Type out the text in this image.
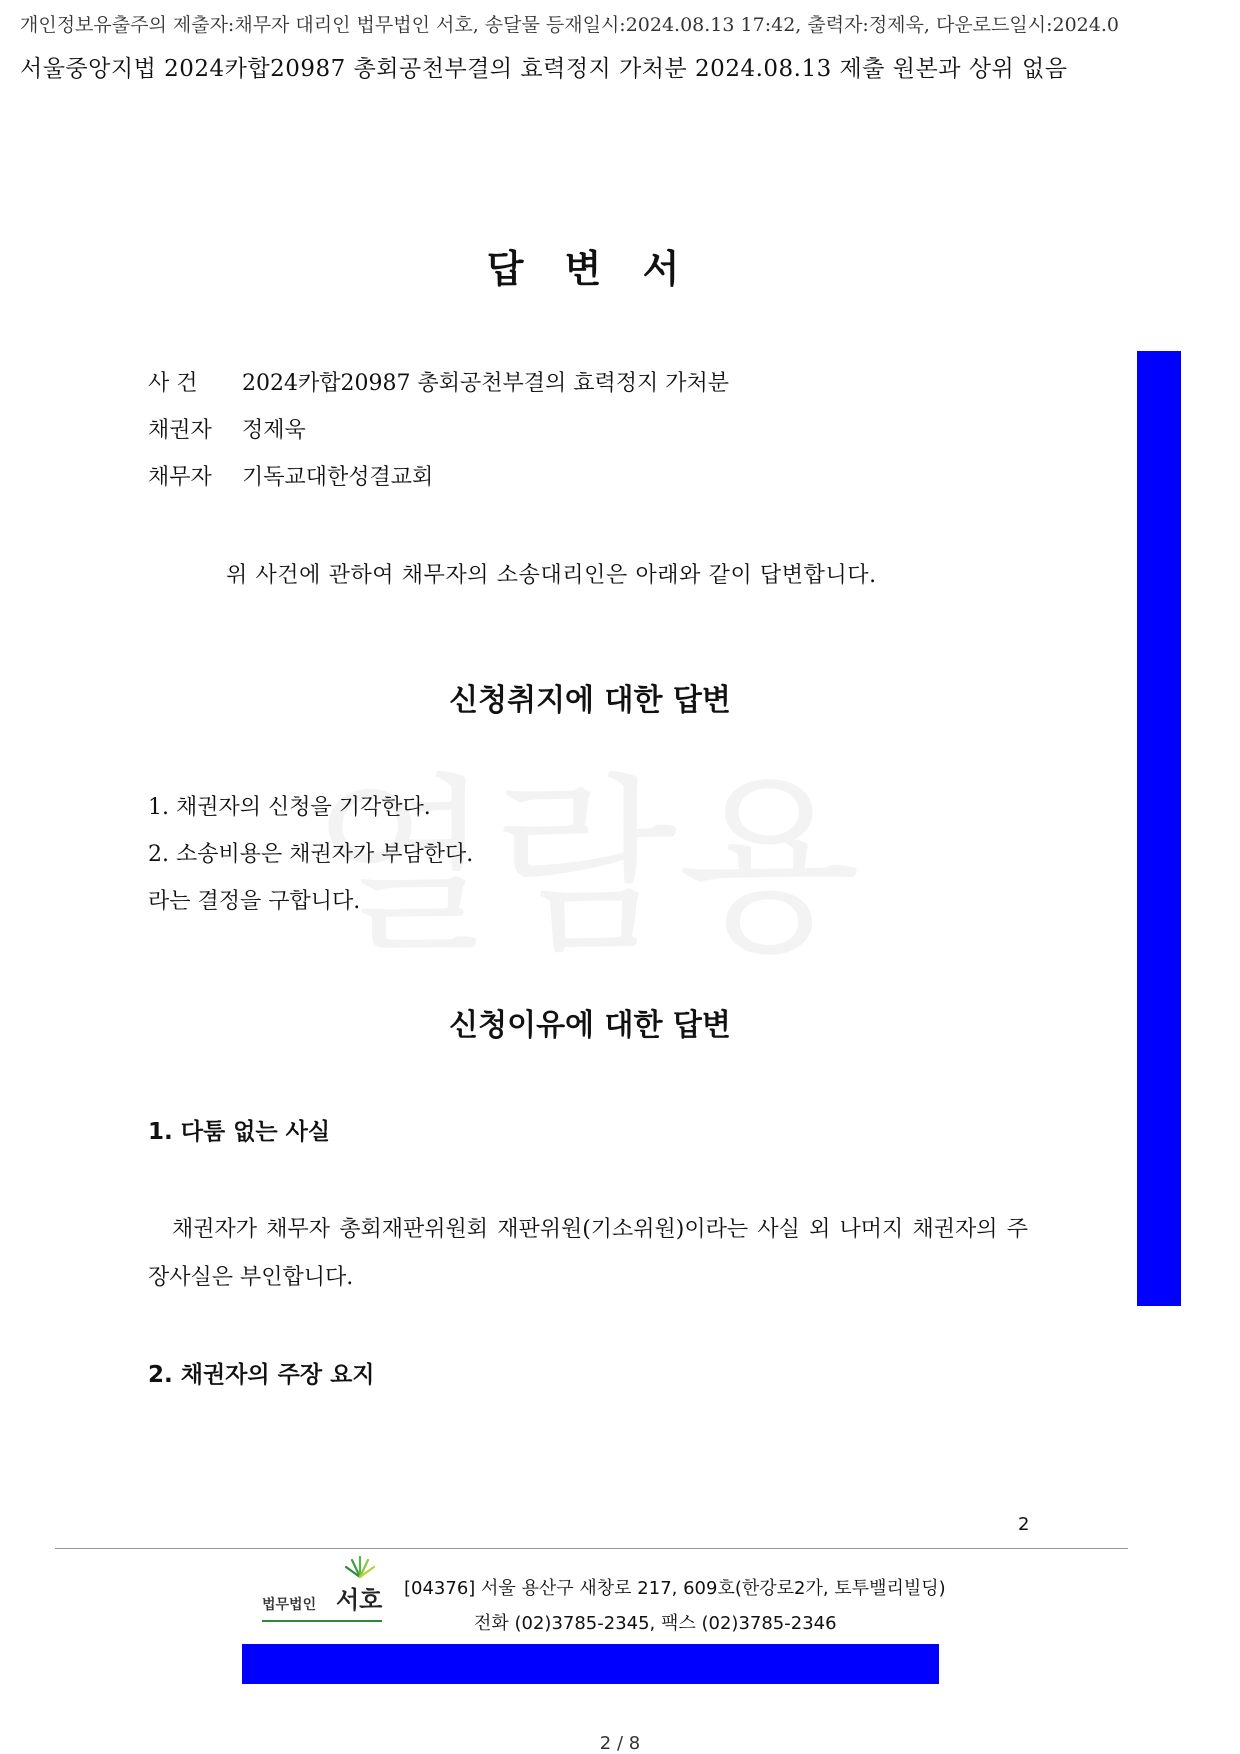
개인정보유출주의 제출자:채무자 대리인 법무법인 서호, 송달물 등재일시:2024.08.13 17:42, 출력자:정제욱, 다운로드일시:2024.0
서울중앙지법 2024카합20987 총회공천부결의 효력정지 가처분 2024.08.13 제출 원본과 상위 없음
답 변 서
사 건 2024카합20987 총회공천부결의 효력정지 가처분
채권자 정제욱
채무자 기독교대한성결교회
위 사건에 관하여 채무자의 소송대리인은 아래와 같이 답변합니다.
신청취지에 대한 답변
1. 채권자의 신청을 기각한다.
2. 소송비용은 채권자가 부담한다.
라는 결정을 구합니다.
신청이유에 대한 답변
1. 다툼 없는 사실
채권자가 채무자 총회재판위원회 재판위원(기소위원)이라는 사실 외 나머지 채권자의 주장사실은 부인합니다.
2. 채권자의 주장 요지
2
법무법인 서호 [04376] 서울 용산구 새창로 217, 609호(한강로2가, 토투밸리빌딩)
전화 (02)3785-2345, 팩스 (02)3785-2346
2 / 8
